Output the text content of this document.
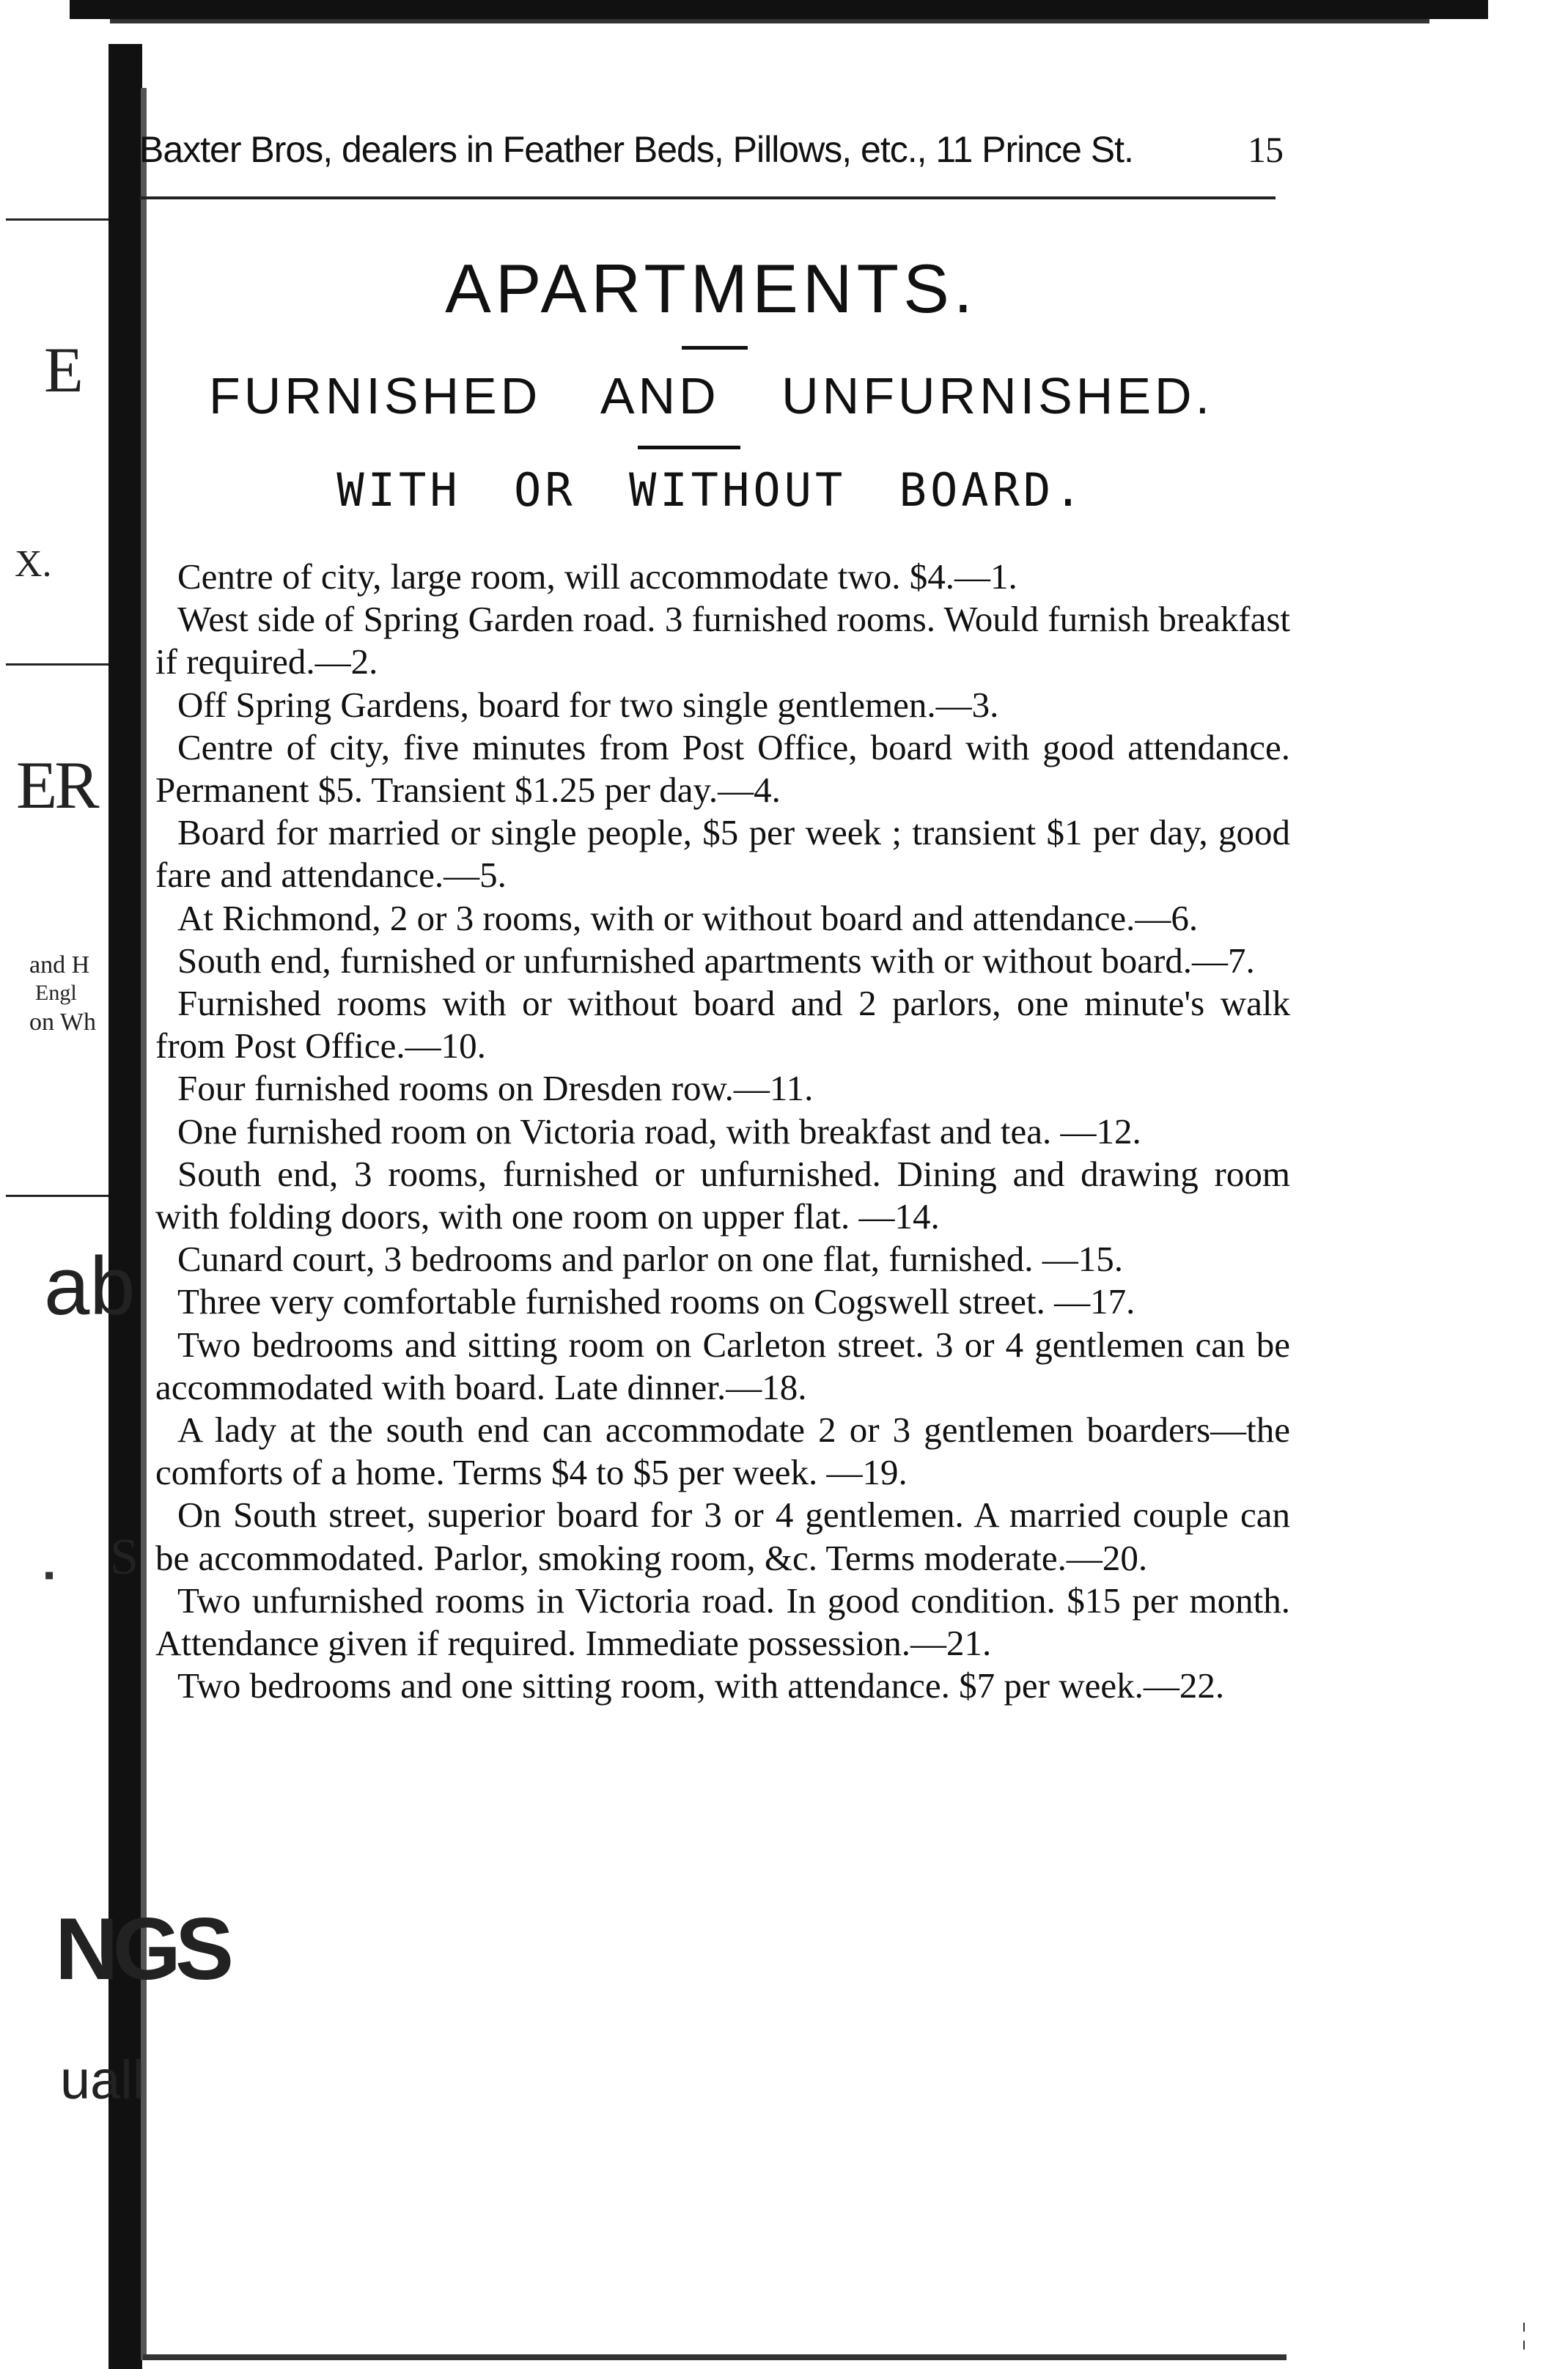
E
X.
ER
and H
Engl
on Wh
ab
S
NGS
uall
▪
¦
Baxter Bros, dealers in Feather Beds, Pillows, etc., 11 Prince St.	15
APARTMENTS.
FURNISHED AND UNFURNISHED.
WITH OR WITHOUT BOARD.

Centre of city, large room, will accommodate two. $4.—1.

West side of Spring Garden road. 3 furnished rooms. Would furnish breakfast if required.—2.

Off Spring Gardens, board for two single gentlemen.—3.

Centre of city, five minutes from Post Office, board with good attendance. Permanent $5. Transient $1.25 per day.—4.

Board for married or single people, $5 per week ; transient $1 per day, good fare and attendance.—5.

At Richmond, 2 or 3 rooms, with or without board and attendance.—6.

South end, furnished or unfurnished apartments with or without board.—7.

Furnished rooms with or without board and 2 parlors, one minute's walk from Post Office.—10.

Four furnished rooms on Dresden row.—11.

One furnished room on Victoria road, with breakfast and tea. —12.

South end, 3 rooms, furnished or unfurnished. Dining and drawing room with folding doors, with one room on upper flat. —14.

Cunard court, 3 bedrooms and parlor on one flat, furnished. —15.

Three very comfortable furnished rooms on Cogswell street. —17.

Two bedrooms and sitting room on Carleton street. 3 or 4 gentlemen can be accommodated with board. Late dinner.—18.

A lady at the south end can accommodate 2 or 3 gentlemen boarders—the comforts of a home. Terms $4 to $5 per week. —19.

On South street, superior board for 3 or 4 gentlemen. A married couple can be accommodated. Parlor, smoking room, &c. Terms moderate.—20.

Two unfurnished rooms in Victoria road. In good condition. $15 per month. Attendance given if required. Immediate possession.—21.

Two bedrooms and one sitting room, with attendance. $7 per week.—22.
